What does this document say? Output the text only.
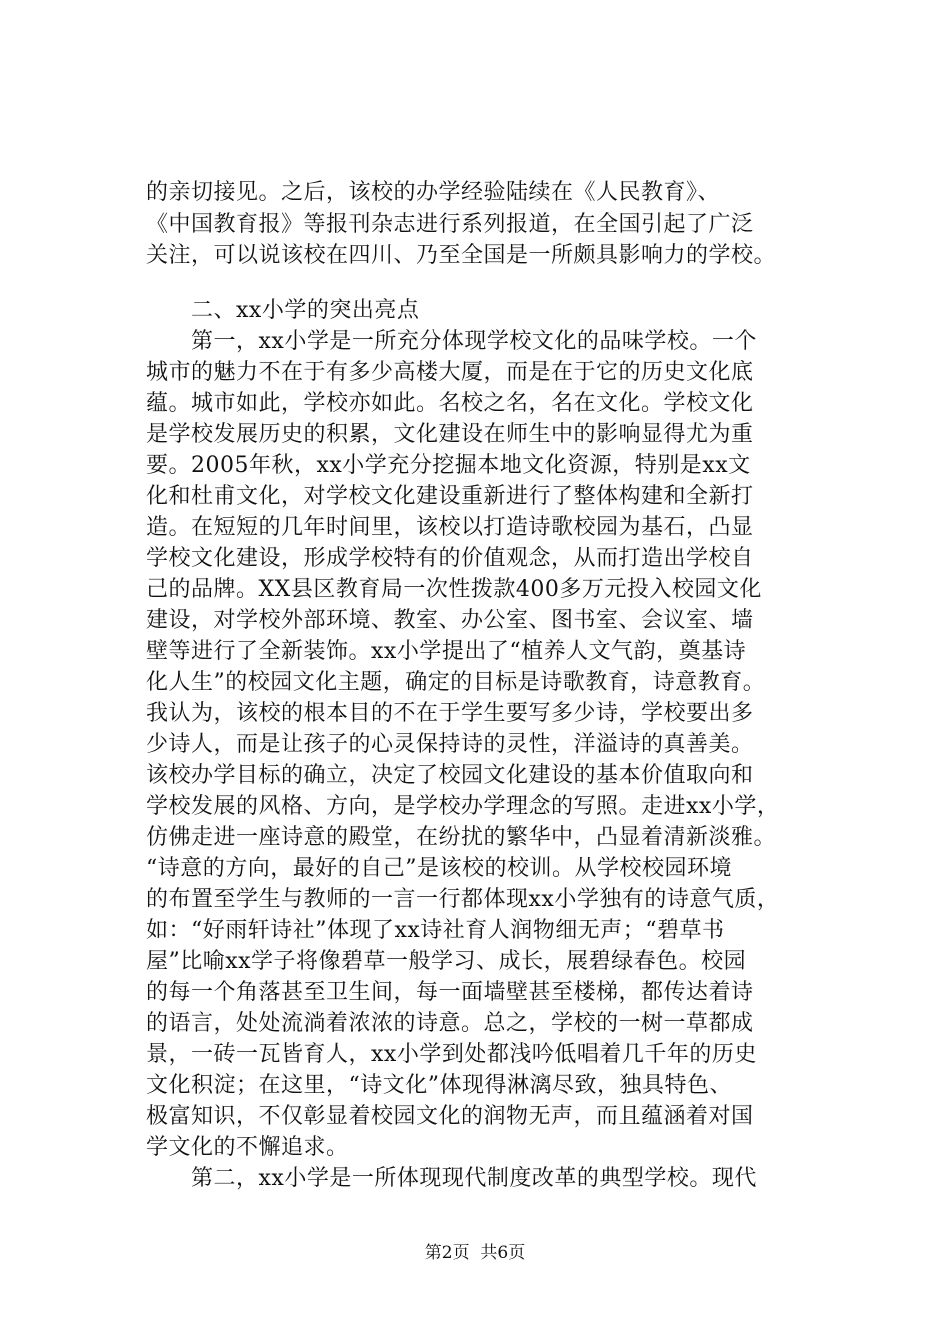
的亲切接见。之后，该校的办学经验陆续在《人民教育》、
《中国教育报》等报刊杂志进行系列报道，在全国引起了广泛
关注，可以说该校在四川、乃至全国是一所颇具影响力的学校。
　　二、xx小学的突出亮点
　　第一，xx小学是一所充分体现学校文化的品味学校。一个
城市的魅力不在于有多少高楼大厦，而是在于它的历史文化底
蕴。城市如此，学校亦如此。名校之名，名在文化。学校文化
是学校发展历史的积累，文化建设在师生中的影响显得尤为重
要。2005年秋，xx小学充分挖掘本地文化资源，特别是xx文
化和杜甫文化，对学校文化建设重新进行了整体构建和全新打
造。在短短的几年时间里，该校以打造诗歌校园为基石，凸显
学校文化建设，形成学校特有的价值观念，从而打造出学校自
己的品牌。XX县区教育局一次性拨款400多万元投入校园文化
建设，对学校外部环境、教室、办公室、图书室、会议室、墙
壁等进行了全新装饰。xx小学提出了“植养人文气韵，奠基诗
化人生”的校园文化主题，确定的目标是诗歌教育，诗意教育。
我认为，该校的根本目的不在于学生要写多少诗，学校要出多
少诗人，而是让孩子的心灵保持诗的灵性，洋溢诗的真善美。
该校办学目标的确立，决定了校园文化建设的基本价值取向和
学校发展的风格、方向，是学校办学理念的写照。走进xx小学，
仿佛走进一座诗意的殿堂，在纷扰的繁华中，凸显着清新淡雅。
“诗意的方向，最好的自己”是该校的校训。从学校校园环境
的布置至学生与教师的一言一行都体现xx小学独有的诗意气质，
如：“好雨轩诗社”体现了xx诗社育人润物细无声；“碧草书
屋”比喻xx学子将像碧草一般学习、成长，展碧绿春色。校园
的每一个角落甚至卫生间，每一面墙壁甚至楼梯，都传达着诗
的语言，处处流淌着浓浓的诗意。总之，学校的一树一草都成
景，一砖一瓦皆育人，xx小学到处都浅吟低唱着几千年的历史
文化积淀；在这里，“诗文化”体现得淋漓尽致，独具特色、
极富知识，不仅彰显着校园文化的润物无声，而且蕴涵着对国
学文化的不懈追求。
　　第二，xx小学是一所体现现代制度改革的典型学校。现代
第2页  共6页
